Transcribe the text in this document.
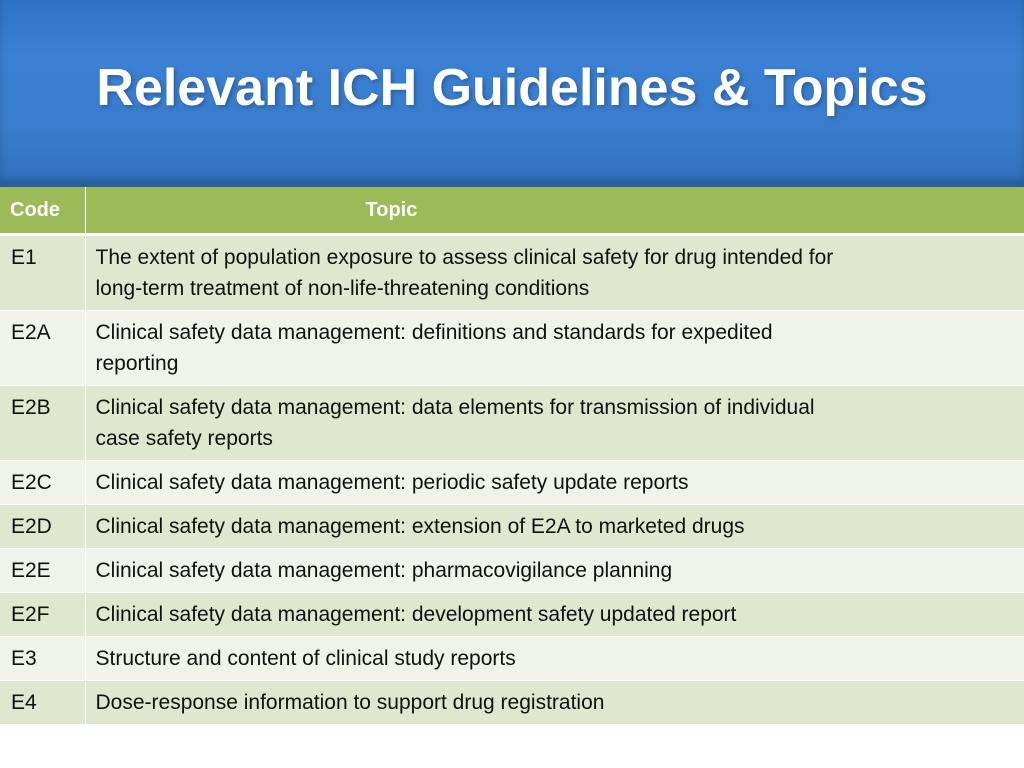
Relevant ICH Guidelines & Topics
Code	Topic
E1	The extent of population exposure to assess clinical safety for drug intended for long-term treatment of non-life-threatening conditions
E2A	Clinical safety data management: definitions and standards for expedited reporting
E2B	Clinical safety data management: data elements for transmission of individual case safety reports
E2C	Clinical safety data management: periodic safety update reports
E2D	Clinical safety data management: extension of E2A to marketed drugs
E2E	Clinical safety data management: pharmacovigilance planning
E2F	Clinical safety data management: development safety updated report
E3	Structure and content of clinical study reports
E4	Dose-response information to support drug registration
